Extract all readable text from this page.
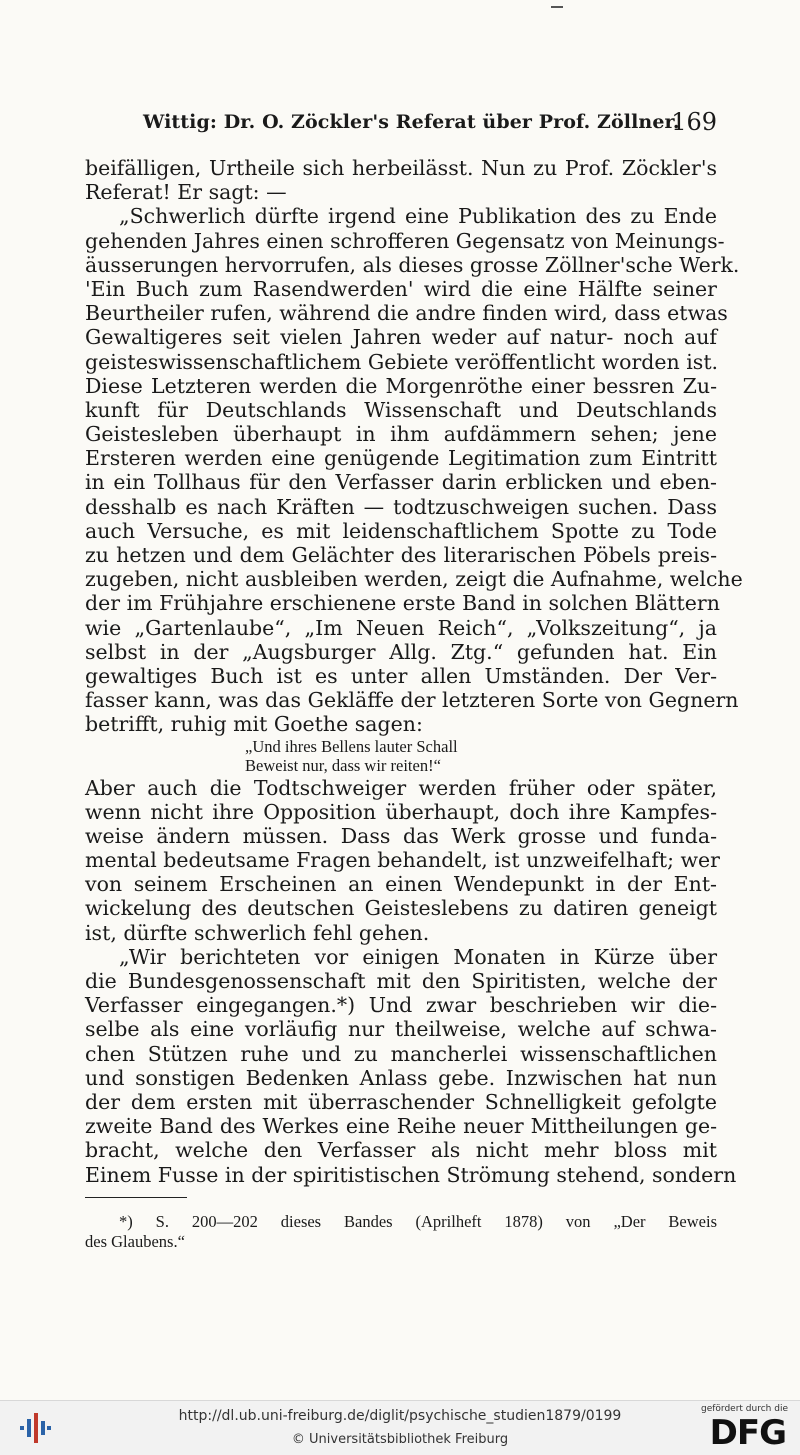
Wittig: Dr. O. Zöckler's Referat über Prof. Zöllner.
169
beifälligen, Urtheile sich herbeilässt. Nun zu Prof. Zöckler's
Referat! Er sagt: —
„Schwerlich dürfte irgend eine Publikation des zu Ende
gehenden Jahres einen schrofferen Gegensatz von Meinungs-
äusserungen hervorrufen, als dieses grosse Zöllner'sche Werk.
'Ein Buch zum Rasendwerden' wird die eine Hälfte seiner
Beurtheiler rufen, während die andre finden wird, dass etwas
Gewaltigeres seit vielen Jahren weder auf natur- noch auf
geisteswissenschaftlichem Gebiete veröffentlicht worden ist.
Diese Letzteren werden die Morgenröthe einer bessren Zu-
kunft für Deutschlands Wissenschaft und Deutschlands
Geistesleben überhaupt in ihm aufdämmern sehen; jene
Ersteren werden eine genügende Legitimation zum Eintritt
in ein Tollhaus für den Verfasser darin erblicken und eben-
desshalb es nach Kräften — todtzuschweigen suchen. Dass
auch Versuche, es mit leidenschaftlichem Spotte zu Tode
zu hetzen und dem Gelächter des literarischen Pöbels preis-
zugeben, nicht ausbleiben werden, zeigt die Aufnahme, welche
der im Frühjahre erschienene erste Band in solchen Blättern
wie „Gartenlaube“, „Im Neuen Reich“, „Volkszeitung“, ja
selbst in der „Augsburger Allg. Ztg.“ gefunden hat. Ein
gewaltiges Buch ist es unter allen Umständen. Der Ver-
fasser kann, was das Gekläffe der letzteren Sorte von Gegnern
betrifft, ruhig mit Goethe sagen:
„Und ihres Bellens lauter Schall
Beweist nur, dass wir reiten!“
Aber auch die Todtschweiger werden früher oder später,
wenn nicht ihre Opposition überhaupt, doch ihre Kampfes-
weise ändern müssen. Dass das Werk grosse und funda-
mental bedeutsame Fragen behandelt, ist unzweifelhaft; wer
von seinem Erscheinen an einen Wendepunkt in der Ent-
wickelung des deutschen Geisteslebens zu datiren geneigt
ist, dürfte schwerlich fehl gehen.
„Wir berichteten vor einigen Monaten in Kürze über
die Bundesgenossenschaft mit den Spiritisten, welche der
Verfasser eingegangen.*) Und zwar beschrieben wir die-
selbe als eine vorläufig nur theilweise, welche auf schwa-
chen Stützen ruhe und zu mancherlei wissenschaftlichen
und sonstigen Bedenken Anlass gebe. Inzwischen hat nun
der dem ersten mit überraschender Schnelligkeit gefolgte
zweite Band des Werkes eine Reihe neuer Mittheilungen ge-
bracht, welche den Verfasser als nicht mehr bloss mit
Einem Fusse in der spiritistischen Strömung stehend, sondern
*) S. 200—202 dieses Bandes (Aprilheft 1878) von „Der Beweis
des Glaubens.“
http://dl.ub.uni-freiburg.de/diglit/psychische_studien1879/0199
© Universitätsbibliothek Freiburg
gefördert durch die
DFG
